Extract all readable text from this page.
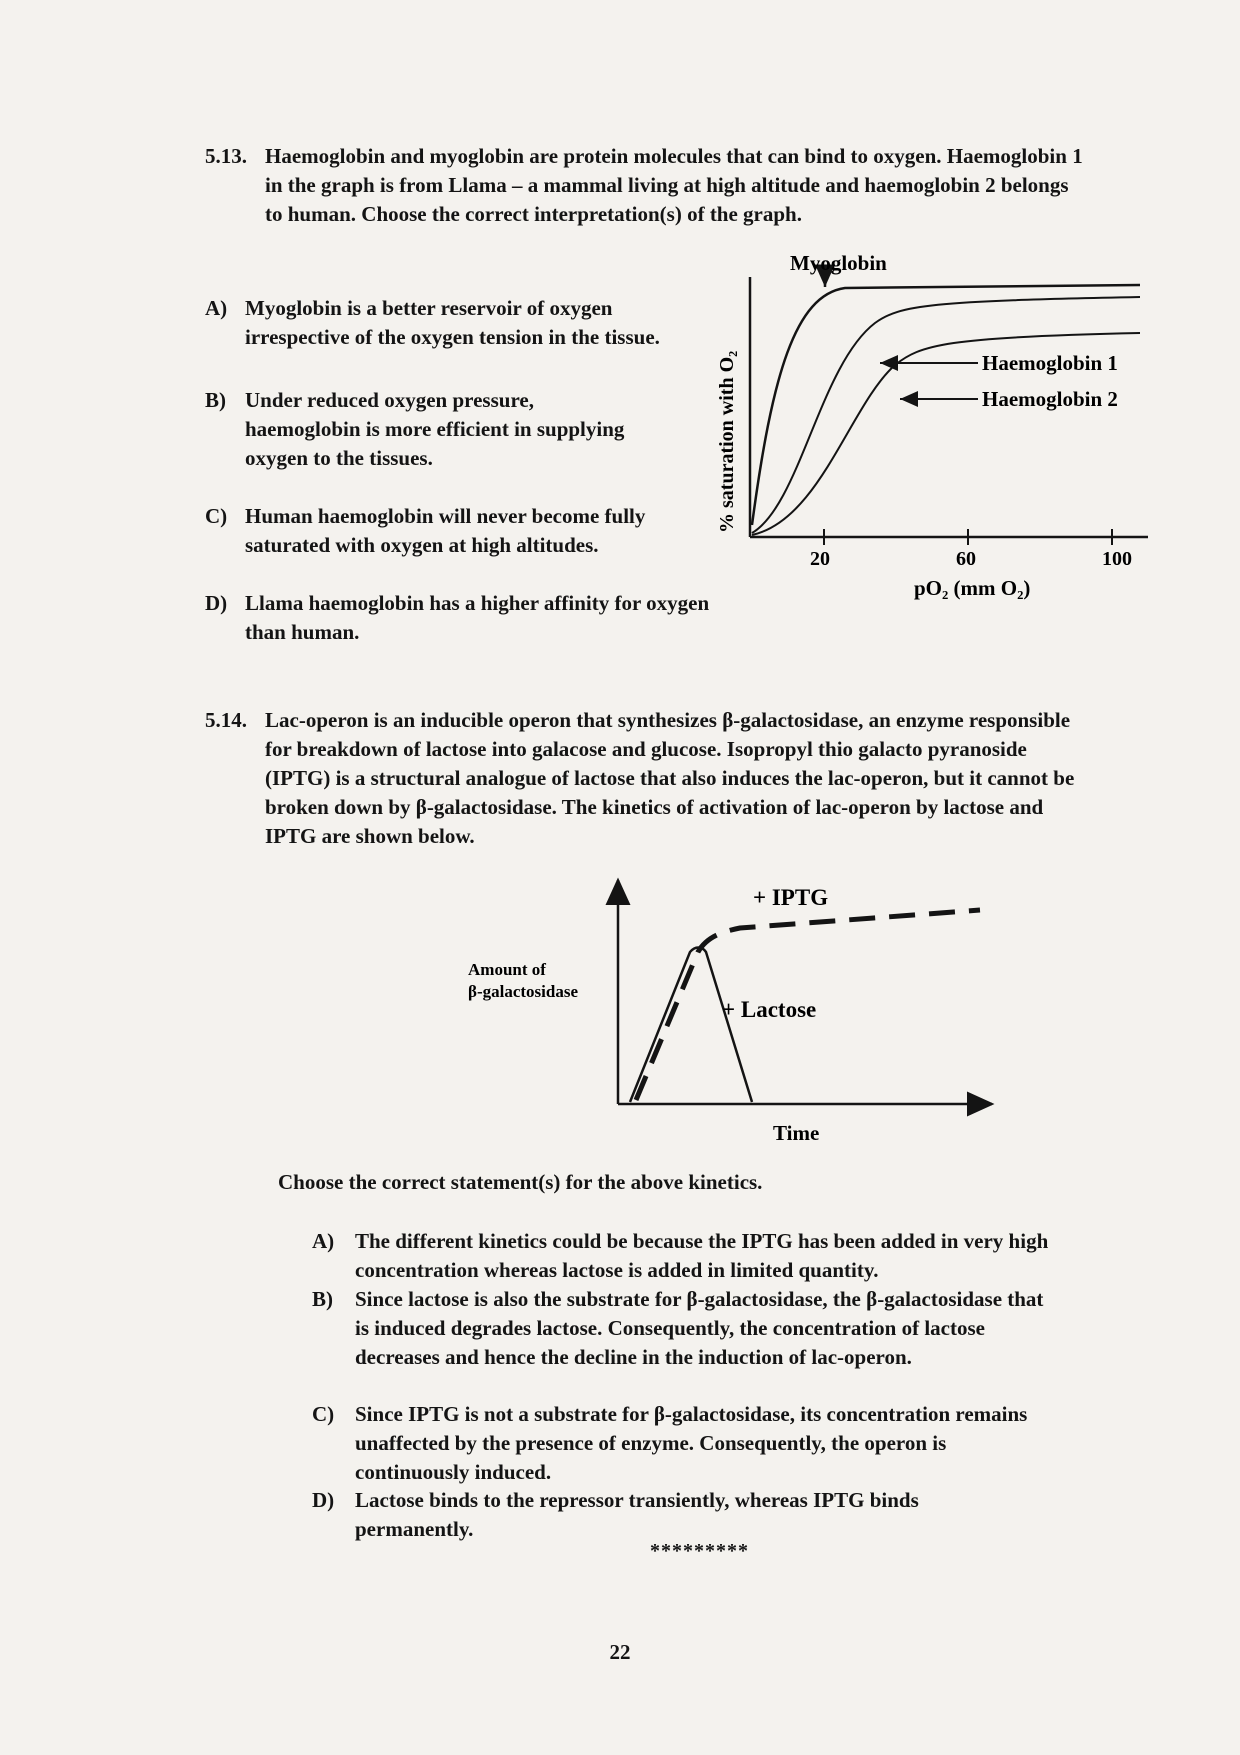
5.13. Haemoglobin and myoglobin are protein molecules that can bind to oxygen. Haemoglobin 1 in the graph is from Llama – a mammal living at high altitude and haemoglobin 2 belongs to human. Choose the correct interpretation(s) of the graph.
A) Myoglobin is a better reservoir of oxygen irrespective of the oxygen tension in the tissue.
B) Under reduced oxygen pressure, haemoglobin is more efficient in supplying oxygen to the tissues.
C) Human haemoglobin will never become fully saturated with oxygen at high altitudes.
D) Llama haemoglobin has a higher affinity for oxygen than human.
Myoglobin
Haemoglobin 1
Haemoglobin 2
% saturation with O₂
20	60	100
pO₂ (mm O₂)
5.14. Lac-operon is an inducible operon that synthesizes β-galactosidase, an enzyme responsible for breakdown of lactose into galacose and glucose. Isopropyl thio galacto pyranoside (IPTG) is a structural analogue of lactose that also induces the lac-operon, but it cannot be broken down by β-galactosidase. The kinetics of activation of lac-operon by lactose and IPTG are shown below.
+ IPTG
+ Lactose
Amount of
β-galactosidase
Time
Choose the correct statement(s) for the above kinetics.
A) The different kinetics could be because the IPTG has been added in very high concentration whereas lactose is added in limited quantity.
B)	Since lactose is also the substrate for β-galactosidase, the β-galactosidase that is induced degrades lactose. Consequently, the concentration of lactose decreases and hence the decline in the induction of lac-operon.
C) Since IPTG is not a substrate for β-galactosidase, its concentration remains unaffected by the presence of enzyme. Consequently, the operon is continuously induced.
D) Lactose binds to the repressor transiently, whereas IPTG binds permanently.
*********
22
